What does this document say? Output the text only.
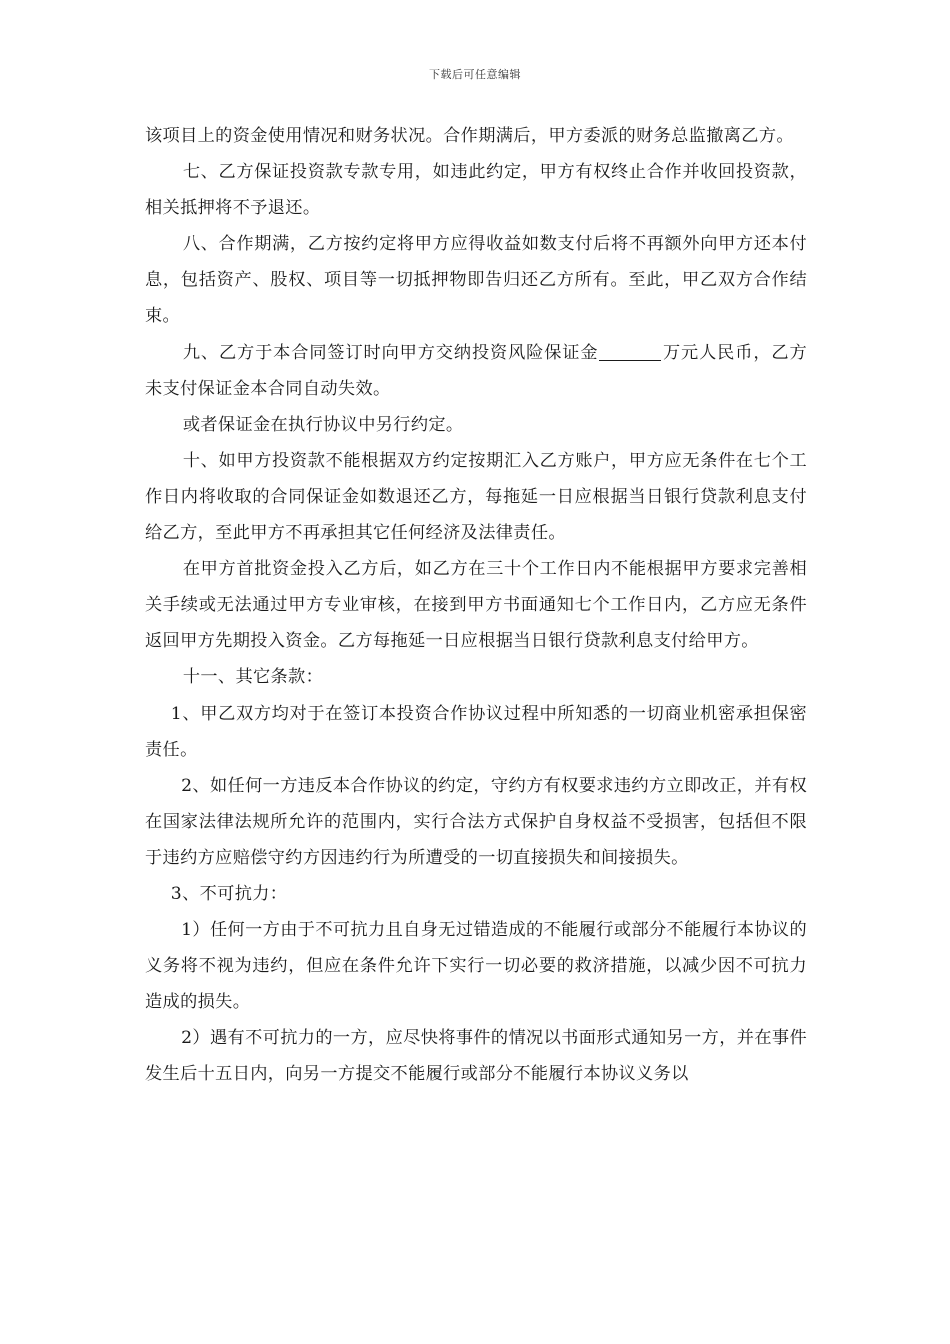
下载后可任意编辑

该项目上的资金使用情况和财务状况。合作期满后，甲方委派的财务总监撤离乙方。

七、乙方保证投资款专款专用，如违此约定，甲方有权终止合作并收回投资款，相关抵押将不予退还。

八、合作期满，乙方按约定将甲方应得收益如数支付后将不再额外向甲方还本付息，包括资产、股权、项目等一切抵押物即告归还乙方所有。至此，甲乙双方合作结束。

九、乙方于本合同签订时向甲方交纳投资风险保证金	万元人民币，乙方未支付保证金本合同自动失效。

或者保证金在执行协议中另行约定。

十、如甲方投资款不能根据双方约定按期汇入乙方账户，甲方应无条件在七个工作日内将收取的合同保证金如数退还乙方，每拖延一日应根据当日银行贷款利息支付给乙方，至此甲方不再承担其它任何经济及法律责任。

在甲方首批资金投入乙方后，如乙方在三十个工作日内不能根据甲方要求完善相关手续或无法通过甲方专业审核，在接到甲方书面通知七个工作日内，乙方应无条件返回甲方先期投入资金。乙方每拖延一日应根据当日银行贷款利息支付给甲方。

十一、其它条款：

1、甲乙双方均对于在签订本投资合作协议过程中所知悉的一切商业机密承担保密责任。

2、如任何一方违反本合作协议的约定，守约方有权要求违约方立即改正，并有权在国家法律法规所允许的范围内，实行合法方式保护自身权益不受损害，包括但不限于违约方应赔偿守约方因违约行为所遭受的一切直接损失和间接损失。

3、不可抗力：

1）任何一方由于不可抗力且自身无过错造成的不能履行或部分不能履行本协议的义务将不视为违约，但应在条件允许下实行一切必要的救济措施，以减少因不可抗力造成的损失。

2）遇有不可抗力的一方，应尽快将事件的情况以书面形式通知另一方，并在事件发生后十五日内，向另一方提交不能履行或部分不能履行本协议义务以
